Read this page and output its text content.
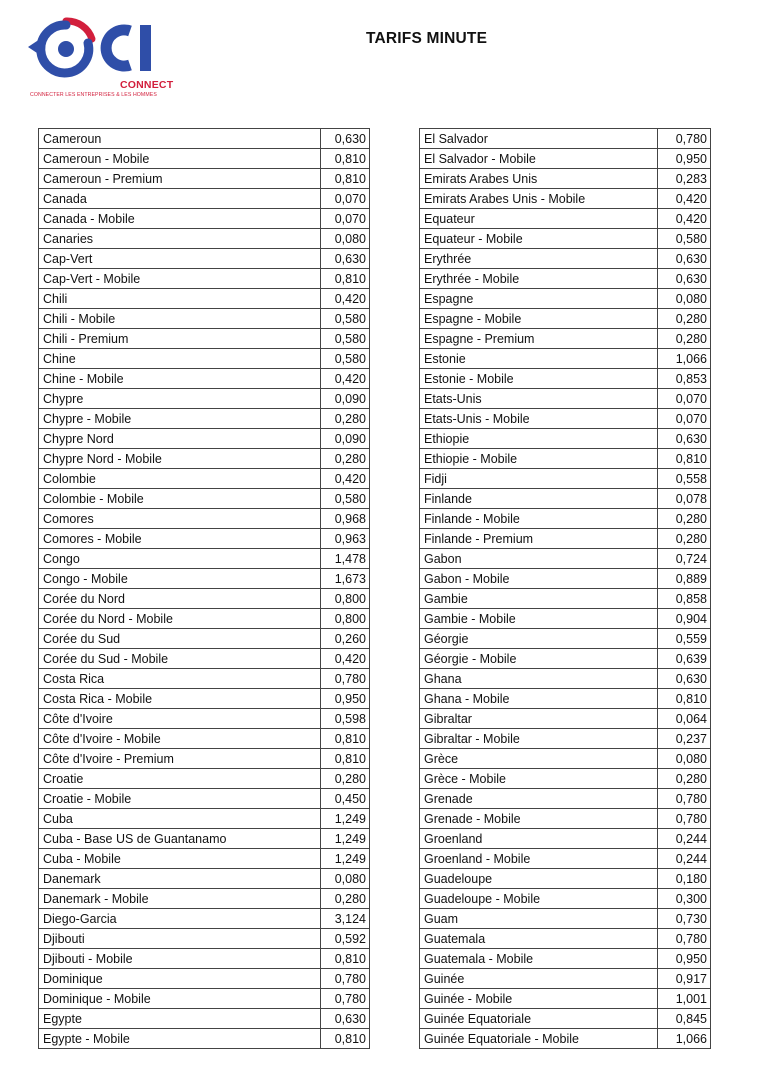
CONNECT
CONNECTER LES ENTREPRISES & LES HOMMES
TARIFS MINUTE
Cameroun	0,630
Cameroun - Mobile	0,810
Cameroun - Premium	0,810
Canada	0,070
Canada - Mobile	0,070
Canaries	0,080
Cap-Vert	0,630
Cap-Vert - Mobile	0,810
Chili	0,420
Chili - Mobile	0,580
Chili - Premium	0,580
Chine	0,580
Chine - Mobile	0,420
Chypre	0,090
Chypre - Mobile	0,280
Chypre Nord	0,090
Chypre Nord - Mobile	0,280
Colombie	0,420
Colombie - Mobile	0,580
Comores	0,968
Comores - Mobile	0,963
Congo	1,478
Congo - Mobile	1,673
Corée du Nord	0,800
Corée du Nord - Mobile	0,800
Corée du Sud	0,260
Corée du Sud - Mobile	0,420
Costa Rica	0,780
Costa Rica - Mobile	0,950
Côte d'Ivoire	0,598
Côte d'Ivoire - Mobile	0,810
Côte d'Ivoire - Premium	0,810
Croatie	0,280
Croatie - Mobile	0,450
Cuba	1,249
Cuba - Base US de Guantanamo	1,249
Cuba - Mobile	1,249
Danemark	0,080
Danemark - Mobile	0,280
Diego-Garcia	3,124
Djibouti	0,592
Djibouti - Mobile	0,810
Dominique	0,780
Dominique - Mobile	0,780
Egypte	0,630
Egypte - Mobile	0,810
El Salvador	0,780
El Salvador - Mobile	0,950
Emirats Arabes Unis	0,283
Emirats Arabes Unis - Mobile	0,420
Equateur	0,420
Equateur - Mobile	0,580
Erythrée	0,630
Erythrée - Mobile	0,630
Espagne	0,080
Espagne - Mobile	0,280
Espagne - Premium	0,280
Estonie	1,066
Estonie - Mobile	0,853
Etats-Unis	0,070
Etats-Unis - Mobile	0,070
Ethiopie	0,630
Ethiopie - Mobile	0,810
Fidji	0,558
Finlande	0,078
Finlande - Mobile	0,280
Finlande - Premium	0,280
Gabon	0,724
Gabon - Mobile	0,889
Gambie	0,858
Gambie - Mobile	0,904
Géorgie	0,559
Géorgie - Mobile	0,639
Ghana	0,630
Ghana - Mobile	0,810
Gibraltar	0,064
Gibraltar - Mobile	0,237
Grèce	0,080
Grèce - Mobile	0,280
Grenade	0,780
Grenade - Mobile	0,780
Groenland	0,244
Groenland - Mobile	0,244
Guadeloupe	0,180
Guadeloupe - Mobile	0,300
Guam	0,730
Guatemala	0,780
Guatemala - Mobile	0,950
Guinée	0,917
Guinée - Mobile	1,001
Guinée Equatoriale	0,845
Guinée Equatoriale - Mobile	1,066
